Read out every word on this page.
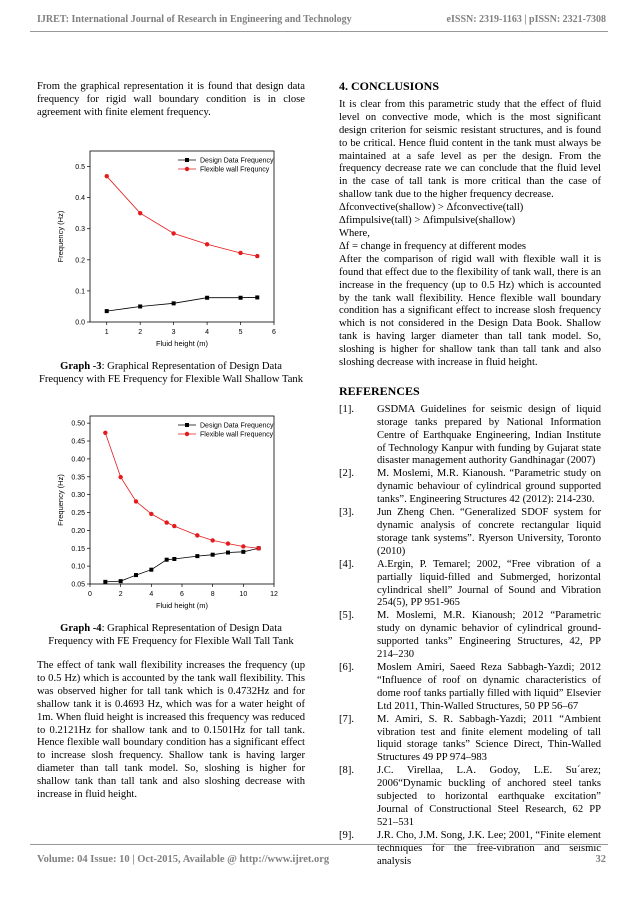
IJRET: International Journal of Research in Engineering and Technology	eISSN: 2319-1163 | pISSN: 2321-7308

From the graphical representation it is found that design data frequency for rigid wall boundary condition is in close agreement with finite element frequency.

1	2	3	4	5	6
0.0
0.1
0.2
0.3
0.4
0.5
Fluid height (m)
Frequency (Hz)
Design Data Frequency
Flexible wall Frequncy
Graph -3: Graphical Representation of Design Data Frequency with FE Frequency for Flexible Wall Shallow Tank
0	2	4	6	8	10	12
0.05
0.10
0.15
0.20
0.25
0.30
0.35
0.40
0.45
0.50
Fluid height (m)
Frequency (Hz)
Design Data Frequency
Flexible wall Frequency
Graph -4: Graphical Representation of Design Data Frequency with FE Frequency for Flexible Wall Tall Tank

The effect of tank wall flexibility increases the frequency (up to 0.5 Hz) which is accounted by the tank wall flexibility. This was observed higher for tall tank which is 0.4732Hz and for shallow tank it is 0.4693 Hz, which was for a water height of 1m. When fluid height is increased this frequency was reduced to 0.2121Hz for shallow tank and to 0.1501Hz for tall tank. Hence flexible wall boundary condition has a significant effect to increase slosh frequency. Shallow tank is having larger diameter than tall tank model. So, sloshing is higher for shallow tank than tall tank and also sloshing decrease with increase in fluid height.

4. CONCLUSIONS

It is clear from this parametric study that the effect of fluid level on convective mode, which is the most significant design criterion for seismic resistant structures, and is found to be critical. Hence fluid content in the tank must always be maintained at a safe level as per the design. From the frequency decrease rate we can conclude that the fluid level in the case of tall tank is more critical than the case of shallow tank due to the higher frequency decrease.

Δfconvective(shallow) > Δfconvective(tall)

Δfimpulsive(tall) > Δfimpulsive(shallow)

Where,

Δf = change in frequency at different modes

After the comparison of rigid wall with flexible wall it is found that effect due to the flexibility of tank wall, there is an increase in the frequency (up to 0.5 Hz) which is accounted by the tank wall flexibility. Hence flexible wall boundary condition has a significant effect to increase slosh frequency which is not considered in the Design Data Book. Shallow tank is having larger diameter than tall tank model. So, sloshing is higher for shallow tank than tall tank and also sloshing decrease with increase in fluid height.

REFERENCES
[1].	GSDMA Guidelines for seismic design of liquid storage tanks prepared by National Information Centre of Earthquake Engineering, Indian Institute of Technology Kanpur with funding by Gujarat state disaster management authority Gandhinagar (2007)
[2].	M. Moslemi, M.R. Kianoush. “Parametric study on dynamic behaviour of cylindrical ground supported tanks”. Engineering Structures 42 (2012): 214-230.
[3].	Jun Zheng Chen. “Generalized SDOF system for dynamic analysis of concrete rectangular liquid storage tank systems”. Ryerson University, Toronto (2010)
[4].	A.Ergin, P. Temarel; 2002, “Free vibration of a partially liquid-filled and Submerged, horizontal cylindrical shell” Journal of Sound and Vibration 254(5), PP 951-965
[5].	M. Moslemi, M.R. Kianoush; 2012 “Parametric study on dynamic behavior of cylindrical ground-supported tanks” Engineering Structures, 42, PP 214–230
[6].	Moslem Amiri, Saeed Reza Sabbagh-Yazdi; 2012 “Influence of roof on dynamic characteristics of dome roof tanks partially filled with liquid” Elsevier Ltd 2011, Thin-Walled Structures, 50 PP 56–67
[7].	M. Amiri, S. R. Sabbagh-Yazdi; 2011 “Ambient vibration test and finite element modeling of tall liquid storage tanks” Science Direct, Thin-Walled Structures 49 PP 974–983
[8].	J.C. Virellaa, L.A. Godoy, L.E. Su´arez; 2006“Dynamic buckling of anchored steel tanks subjected to horizontal earthquake excitation” Journal of Constructional Steel Research, 62 PP 521–531
[9].	J.R. Cho, J.M. Song, J.K. Lee; 2001, “Finite element techniques for the free-vibration and seismic analysis
Volume: 04 Issue: 10 | Oct-2015, Available @ http://www.ijret.org	32
